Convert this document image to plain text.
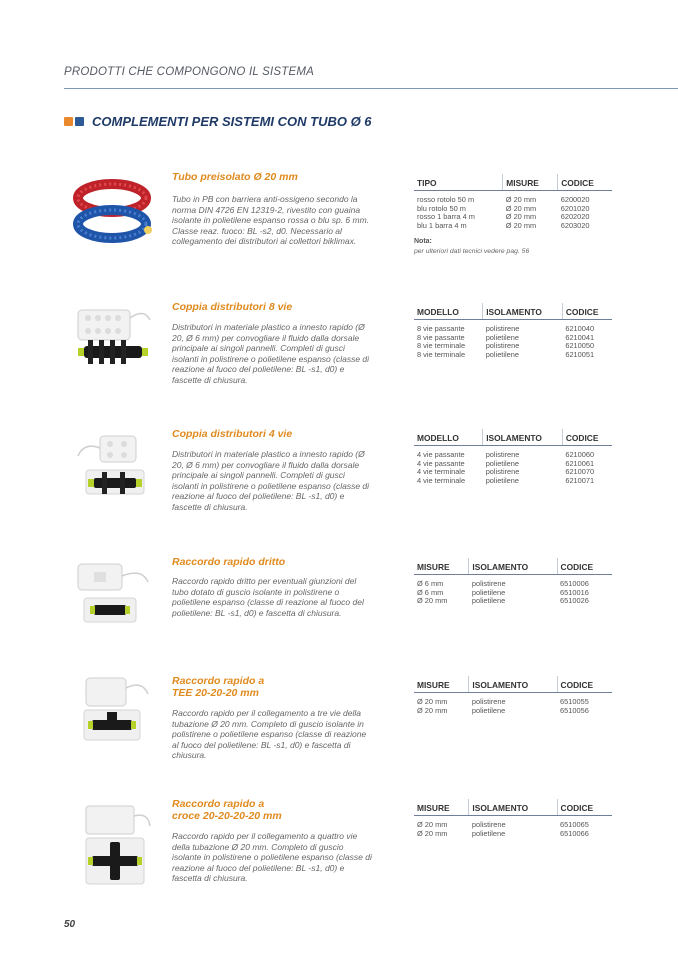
PRODOTTI CHE COMPONGONO IL SISTEMA
COMPLEMENTI PER SISTEMI CON TUBO Ø 6
Tubo preisolato Ø 20 mm
Tubo in PB con barriera anti-ossigeno secondo la norma DIN 4726 EN 12319-2, rivestito con guaina isolante in polietilene espanso rossa o blu sp. 6 mm. Classe reaz. fuoco: BL -s2, d0. Necessario al collegamento dei distributori ai collettori biklimax.
TIPO	MISURE	CODICE
rosso rotolo 50 m	Ø 20 mm	6200020
blu rotolo 50 m	Ø 20 mm	6201020
rosso 1 barra 4 m	Ø 20 mm	6202020
blu 1 barra 4 m	Ø 20 mm	6203020
Nota:
per ulteriori dati tecnici vedere pag. 56
Coppia distributori 8 vie
Distributori in materiale plastico a innesto rapido (Ø 20, Ø 6 mm) per convogliare il fluido dalla dorsale principale ai singoli pannelli. Completi di gusci isolanti in polistirene o polietilene espanso (classe di reazione al fuoco del polietilene: BL -s1, d0) e fascette di chiusura.
MODELLO	ISOLAMENTO	CODICE
8 vie passante	polistirene	6210040
8 vie passante	polietilene	6210041
8 vie terminale	polistirene	6210050
8 vie terminale	polietilene	6210051
Coppia distributori 4 vie
Distributori in materiale plastico a innesto rapido (Ø 20, Ø 6 mm) per convogliare il fluido dalla dorsale principale ai singoli pannelli. Completi di gusci isolanti in polistirene o polietilene espanso (classe di reazione al fuoco del polietilene: BL -s1, d0) e fascette di chiusura.
MODELLO	ISOLAMENTO	CODICE
4 vie passante	polistirene	6210060
4 vie passante	polietilene	6210061
4 vie terminale	polistirene	6210070
4 vie terminale	polietilene	6210071
Raccordo rapido dritto
Raccordo rapido dritto per eventuali giunzioni del tubo dotato di guscio isolante in polistirene o polietilene espanso (classe di reazione al fuoco del polietilene: BL -s1, d0) e fascetta di chiusura.
MISURE	ISOLAMENTO	CODICE
Ø 6 mm	polistirene	6510006
Ø 6 mm	polietilene	6510016
Ø 20 mm	polietilene	6510026
Raccordo rapido a
TEE 20-20-20 mm
Raccordo rapido per il collegamento a tre vie della tubazione Ø 20 mm. Completo di guscio isolante in polistirene o polietilene espanso (classe di reazione al fuoco del polietilene: BL -s1, d0) e fascetta di chiusura.
MISURE	ISOLAMENTO	CODICE
Ø 20 mm	polistirene	6510055
Ø 20 mm	polietilene	6510056
Raccordo rapido a
croce 20-20-20-20 mm
Raccordo rapido per il collegamento a quattro vie della tubazione Ø 20 mm. Completo di guscio isolante in polistirene o polietilene espanso (classe di reazione al fuoco del polietilene: BL -s1, d0) e fascetta di chiusura.
MISURE	ISOLAMENTO	CODICE
Ø 20 mm	polistirene	6510065
Ø 20 mm	polietilene	6510066
50
